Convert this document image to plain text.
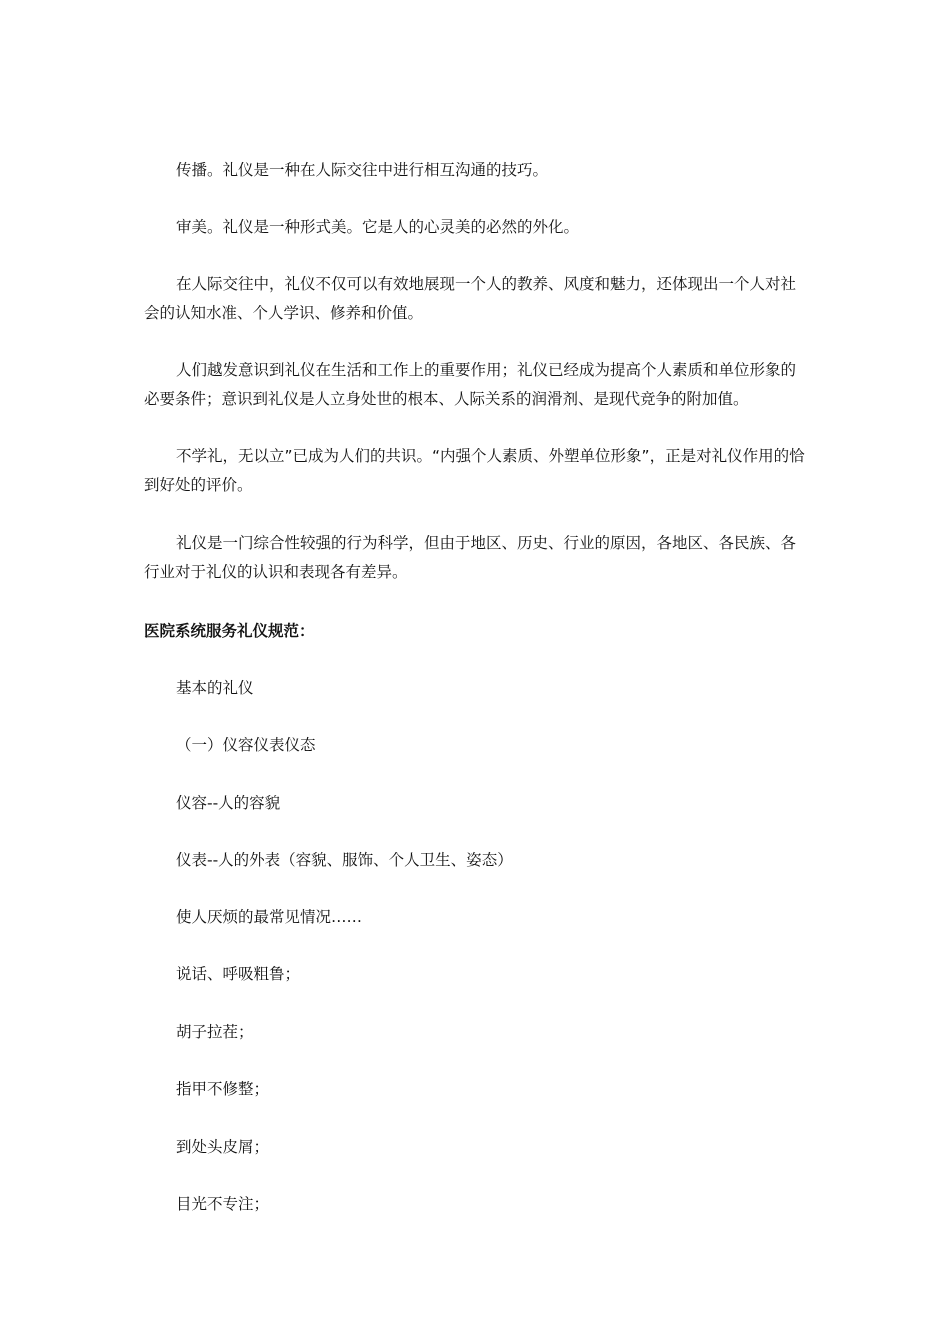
传播。礼仪是一种在人际交往中进行相互沟通的技巧。
审美。礼仪是一种形式美。它是人的心灵美的必然的外化。
在人际交往中，礼仪不仅可以有效地展现一个人的教养、风度和魅力，还体现出一个人对社会的认知水准、个人学识、修养和价值。
人们越发意识到礼仪在生活和工作上的重要作用；礼仪已经成为提高个人素质和单位形象的必要条件；意识到礼仪是人立身处世的根本、人际关系的润滑剂、是现代竞争的附加值。
不学礼，无以立”已成为人们的共识。“内强个人素质、外塑单位形象”，正是对礼仪作用的恰到好处的评价。
礼仪是一门综合性较强的行为科学，但由于地区、历史、行业的原因，各地区、各民族、各行业对于礼仪的认识和表现各有差异。
医院系统服务礼仪规范：
基本的礼仪
（一）仪容仪表仪态
仪容--人的容貌
仪表--人的外表（容貌、服饰、个人卫生、姿态）
使人厌烦的最常见情况……
说话、呼吸粗鲁；
胡子拉茬；
指甲不修整；
到处头皮屑；
目光不专注；
